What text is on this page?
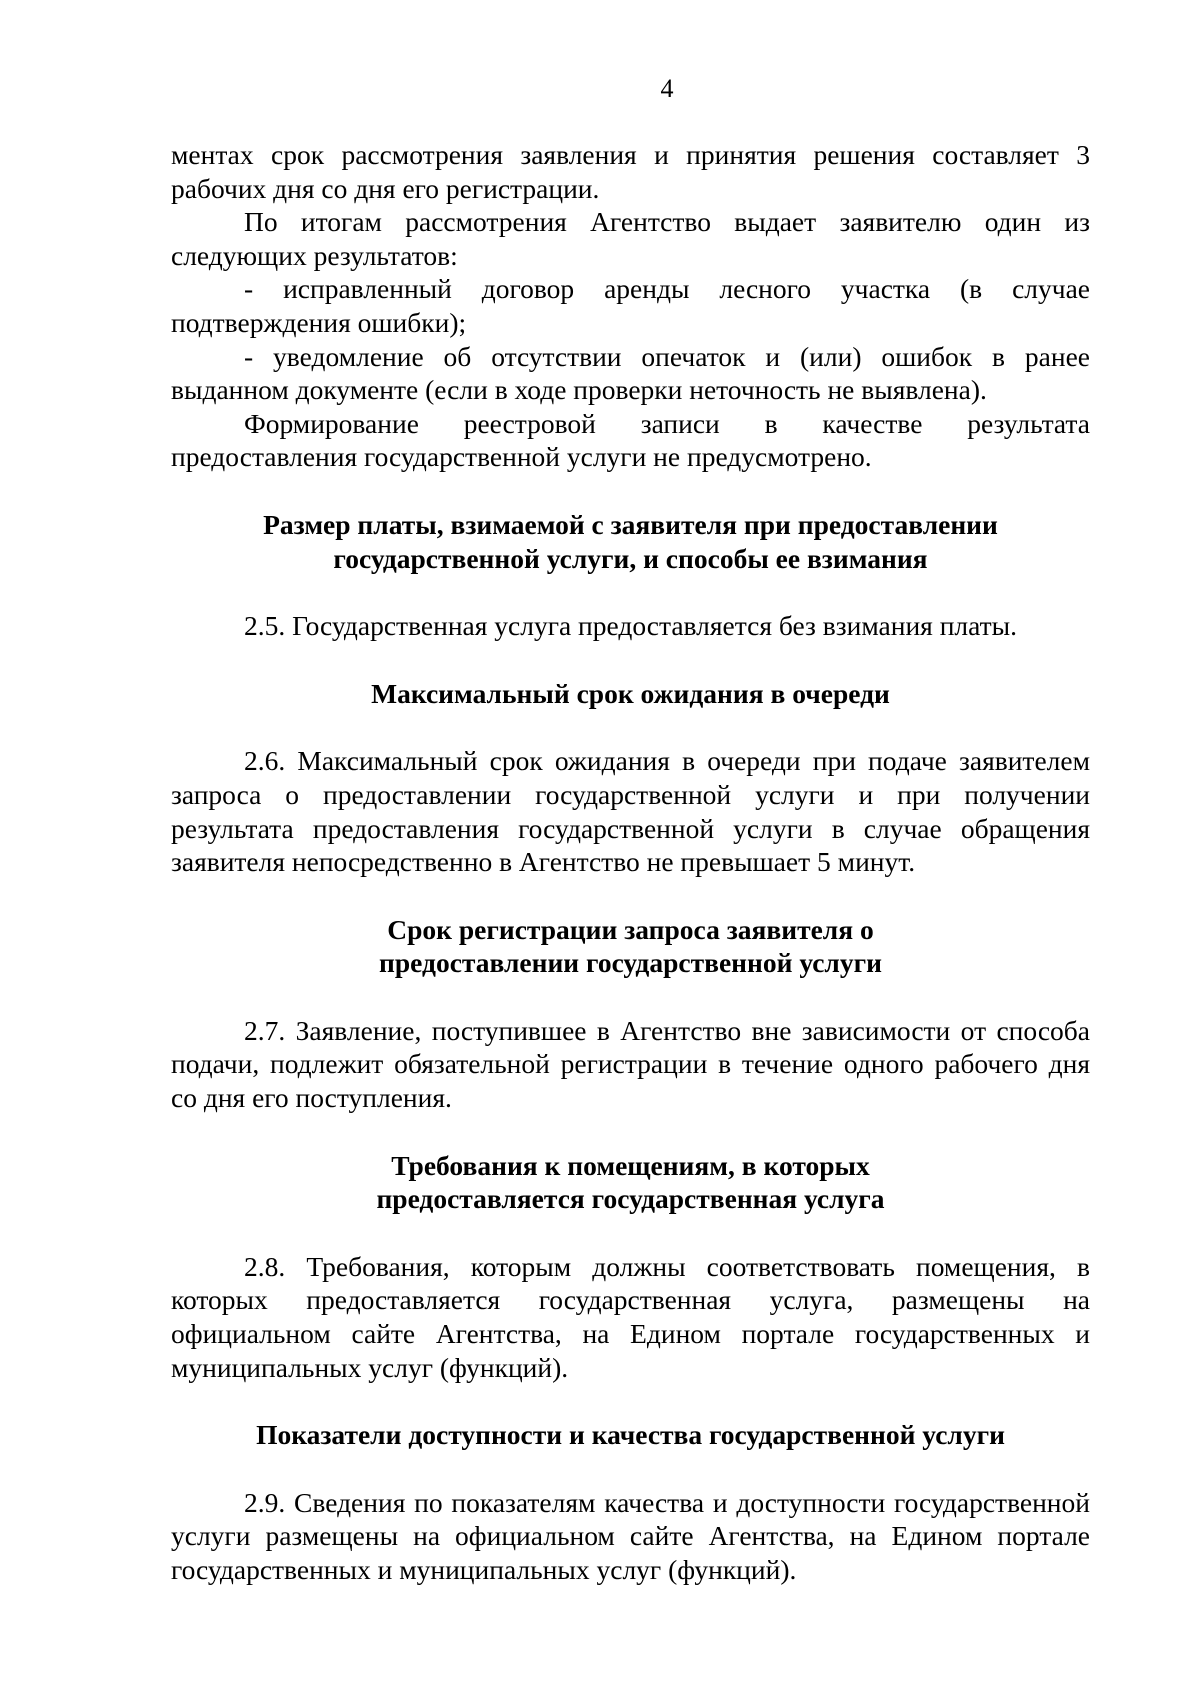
4

ментах срок рассмотрения заявления и принятия решения составляет 3 рабочих дня со дня его регистрации.

По итогам рассмотрения Агентство выдает заявителю один из следующих результатов:

- исправленный договор аренды лесного участка (в случае подтверждения ошибки);

- уведомление об отсутствии опечаток и (или) ошибок в ранее выданном документе (если в ходе проверки неточность не выявлена).

Формирование реестровой записи в качестве результата предоставления государственной услуги не предусмотрено.

Размер платы, взимаемой с заявителя при предоставлении
государственной услуги, и способы ее взимания

2.5. Государственная услуга предоставляется без взимания платы.

Максимальный срок ожидания в очереди

2.6. Максимальный срок ожидания в очереди при подаче заявителем запроса о предоставлении государственной услуги и при получении результата предоставления государственной услуги в случае обращения заявителя непосредственно в Агентство не превышает 5 минут.

Срок регистрации запроса заявителя о
предоставлении государственной услуги

2.7. Заявление, поступившее в Агентство вне зависимости от способа подачи, подлежит обязательной регистрации в течение одного рабочего дня со дня его поступления.

Требования к помещениям, в которых
предоставляется государственная услуга

2.8. Требования, которым должны соответствовать помещения, в которых предоставляется государственная услуга, размещены на официальном сайте Агентства, на Едином портале государственных и муниципальных услуг (функций).

Показатели доступности и качества государственной услуги

2.9. Сведения по показателям качества и доступности государственной услуги размещены на официальном сайте Агентства, на Едином портале государственных и муниципальных услуг (функций).
